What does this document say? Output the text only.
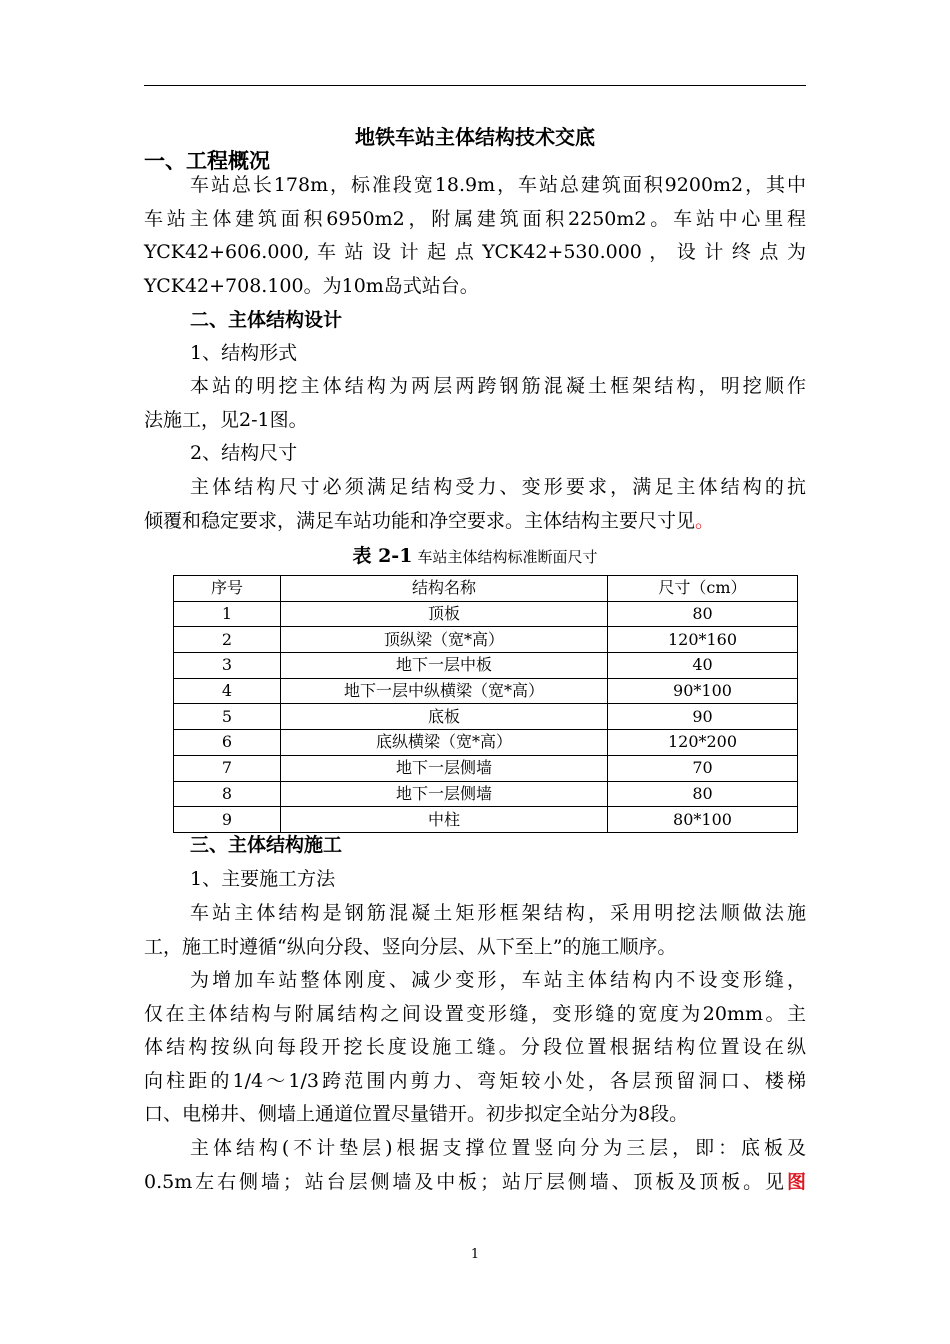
地铁车站主体结构技术交底
一、工程概况
车站总长178m，标准段宽18.9m，车站总建筑面积9200m2，其中
车站主体建筑面积6950m2，附属建筑面积2250m2。车站中心里程
YCK42+606.000, 车 站 设 计 起 点 YCK42+530.000 ， 设 计 终 点 为
YCK42+708.100。为10m岛式站台。
二、主体结构设计
1、结构形式
本站的明挖主体结构为两层两跨钢筋混凝土框架结构，明挖顺作
法施工，见2-1图。
2、结构尺寸
主体结构尺寸必须满足结构受力、变形要求，满足主体结构的抗
倾覆和稳定要求，满足车站功能和净空要求。主体结构主要尺寸见。
表 2-1 车站主体结构标准断面尺寸
序号	结构名称	尺寸（cm）
1	顶板	80
2	顶纵梁（宽*高）	120*160
3	地下一层中板	40
4	地下一层中纵横梁（宽*高）	90*100
5	底板	90
6	底纵横梁（宽*高）	120*200
7	地下一层侧墙	70
8	地下一层侧墙	80
9	中柱	80*100
三、主体结构施工
1、主要施工方法
车站主体结构是钢筋混凝土矩形框架结构，采用明挖法顺做法施
工，施工时遵循“纵向分段、竖向分层、从下至上”的施工顺序。
为增加车站整体刚度、减少变形，车站主体结构内不设变形缝，
仅在主体结构与附属结构之间设置变形缝，变形缝的宽度为20mm。主
体结构按纵向每段开挖长度设施工缝。分段位置根据结构位置设在纵
向柱距的1/4～1/3跨范围内剪力、弯矩较小处，各层预留洞口、楼梯
口、电梯井、侧墙上通道位置尽量错开。初步拟定全站分为8段。
主体结构(不计垫层)根据支撑位置竖向分为三层，即：底板及
0.5m左右侧墙；站台层侧墙及中板；站厅层侧墙、顶板及顶板。见图
1
